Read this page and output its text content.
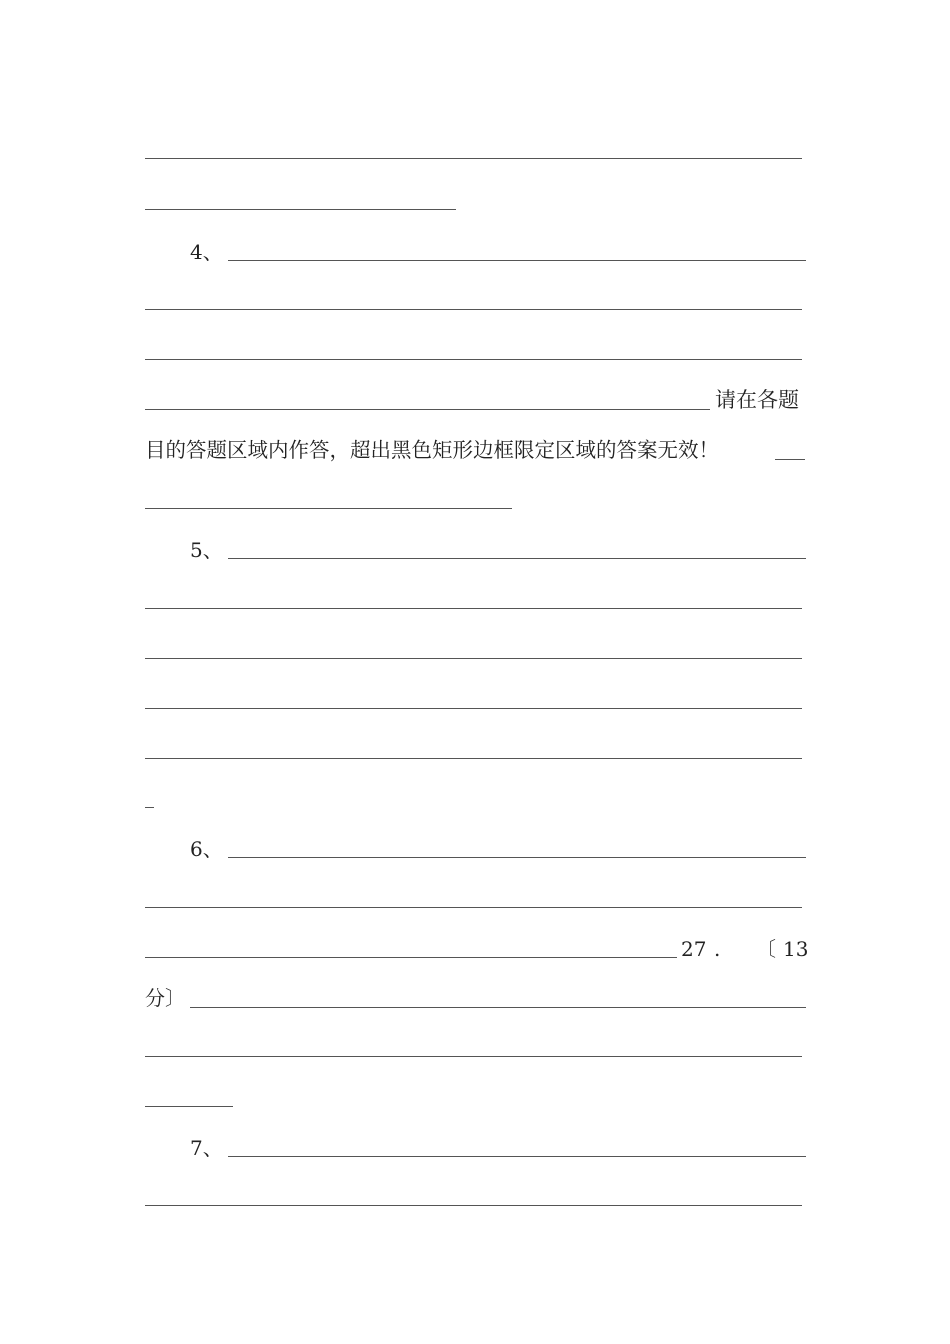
4、
请在各题
目的答题区域内作答，超出黑色矩形边框限定区域的答案无效！
5、
6、
27 . 〔 13
分〕
7、
